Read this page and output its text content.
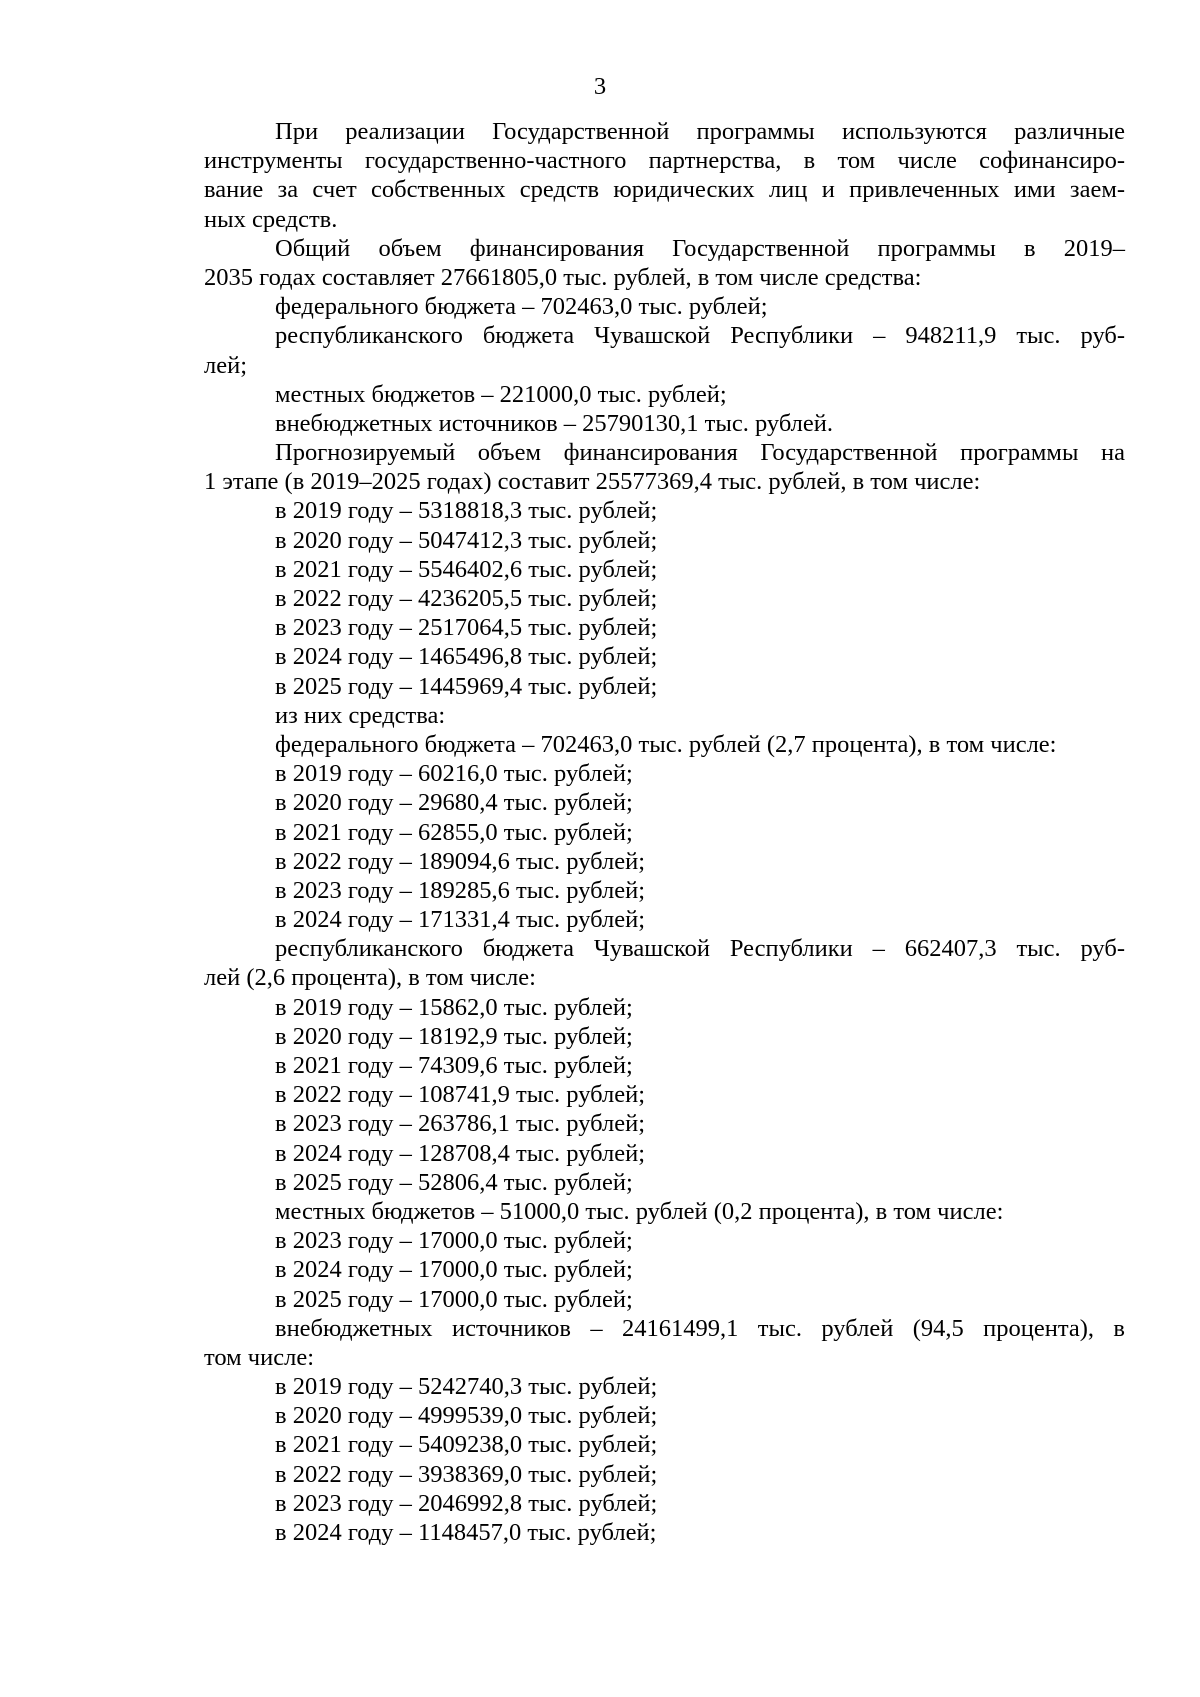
3

При реализации Государственной программы используются различные

инструменты государственно-частного партнерства, в том числе софинансиро-

вание за счет собственных средств юридических лиц и привлеченных ими заем-

ных средств.

Общий объем финансирования Государственной программы в 2019–

2035 годах составляет 27661805,0 тыс. рублей, в том числе средства:

федерального бюджета – 702463,0 тыс. рублей;

республиканского бюджета Чувашской Республики – 948211,9 тыс. руб-

лей;

местных бюджетов – 221000,0 тыс. рублей;

внебюджетных источников – 25790130,1 тыс. рублей.

Прогнозируемый объем финансирования Государственной программы на

1 этапе (в 2019–2025 годах) составит 25577369,4 тыс. рублей, в том числе:

в 2019 году – 5318818,3 тыс. рублей;

в 2020 году – 5047412,3 тыс. рублей;

в 2021 году – 5546402,6 тыс. рублей;

в 2022 году – 4236205,5 тыс. рублей;

в 2023 году – 2517064,5 тыс. рублей;

в 2024 году – 1465496,8 тыс. рублей;

в 2025 году – 1445969,4 тыс. рублей;

из них средства:

федерального бюджета – 702463,0 тыс. рублей (2,7 процента), в том числе:

в 2019 году – 60216,0 тыс. рублей;

в 2020 году – 29680,4 тыс. рублей;

в 2021 году – 62855,0 тыс. рублей;

в 2022 году – 189094,6 тыс. рублей;

в 2023 году – 189285,6 тыс. рублей;

в 2024 году – 171331,4 тыс. рублей;

республиканского бюджета Чувашской Республики – 662407,3 тыс. руб-

лей (2,6 процента), в том числе:

в 2019 году – 15862,0 тыс. рублей;

в 2020 году – 18192,9 тыс. рублей;

в 2021 году – 74309,6 тыс. рублей;

в 2022 году – 108741,9 тыс. рублей;

в 2023 году – 263786,1 тыс. рублей;

в 2024 году – 128708,4 тыс. рублей;

в 2025 году – 52806,4 тыс. рублей;

местных бюджетов – 51000,0 тыс. рублей (0,2 процента), в том числе:

в 2023 году – 17000,0 тыс. рублей;

в 2024 году – 17000,0 тыс. рублей;

в 2025 году – 17000,0 тыс. рублей;

внебюджетных источников – 24161499,1 тыс. рублей (94,5 процента), в

том числе:

в 2019 году – 5242740,3 тыс. рублей;

в 2020 году – 4999539,0 тыс. рублей;

в 2021 году – 5409238,0 тыс. рублей;

в 2022 году – 3938369,0 тыс. рублей;

в 2023 году – 2046992,8 тыс. рублей;

в 2024 году – 1148457,0 тыс. рублей;
